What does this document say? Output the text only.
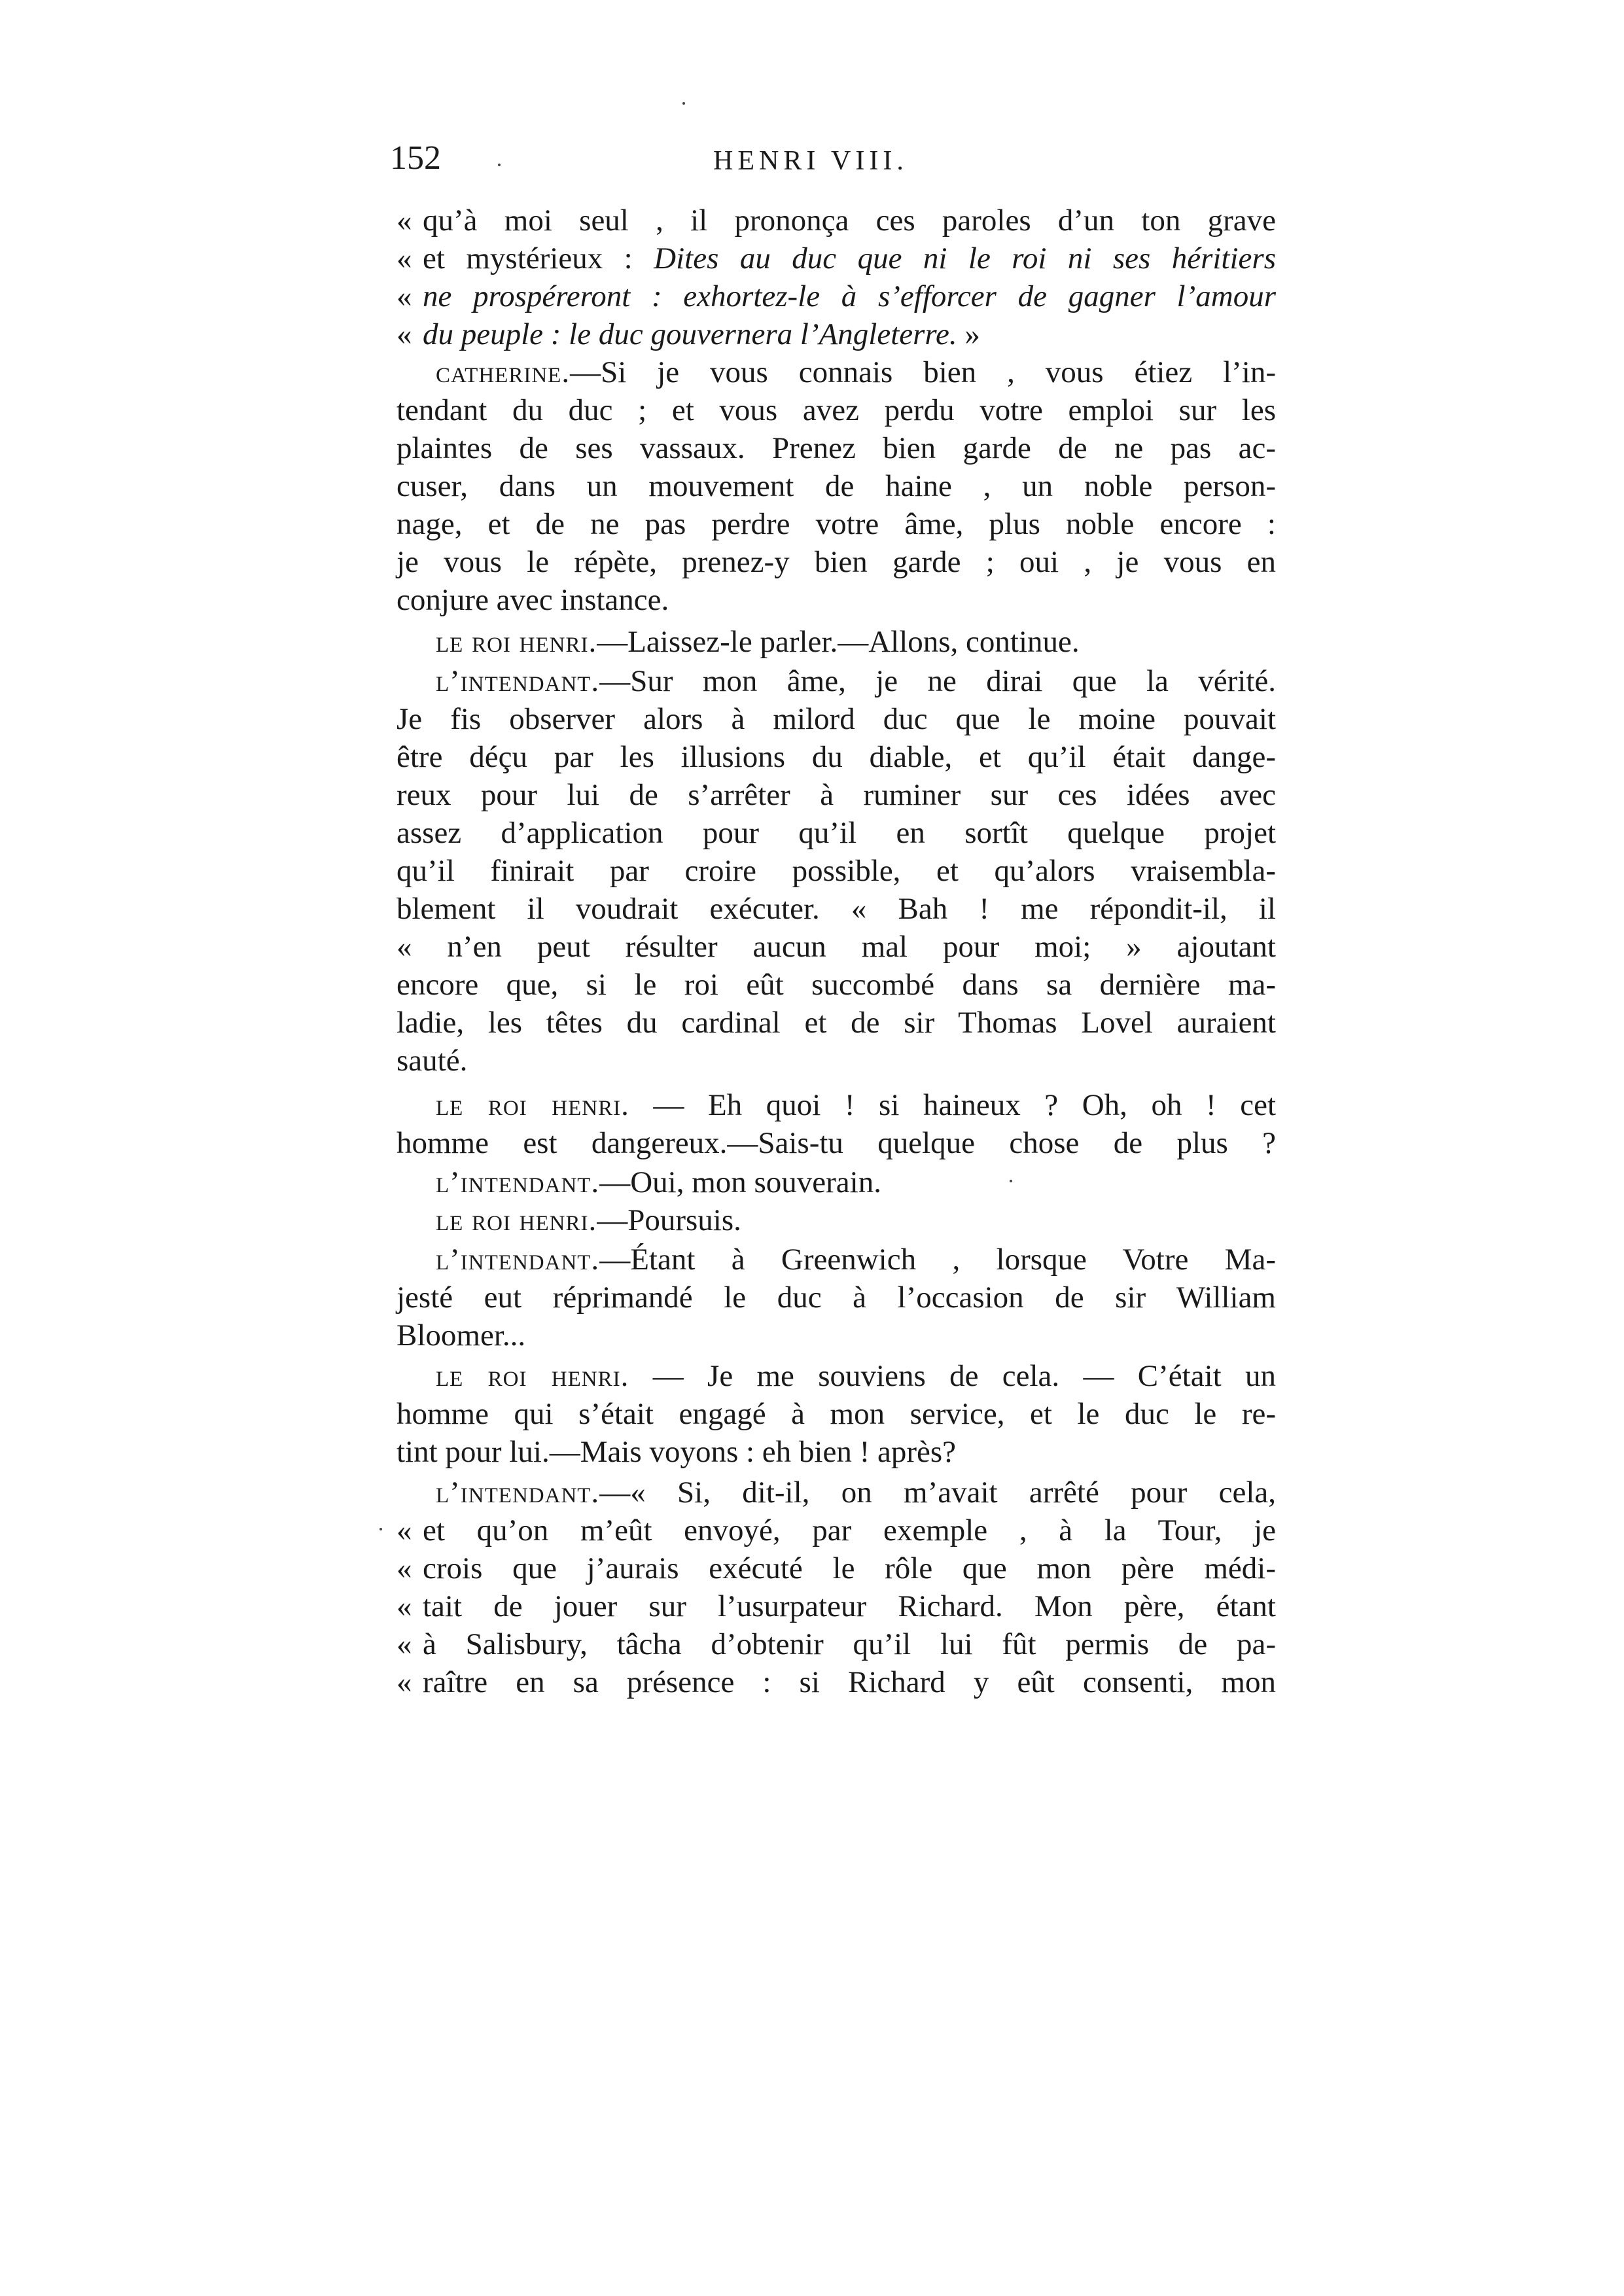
152	HENRI VIII.
« qu’à moi seul , il prononça ces paroles d’un ton grave
« et mystérieux : Dites au duc que ni le roi ni ses héritiers
« ne prospéreront : exhortez-le à s’efforcer de gagner l’amour
« du peuple : le duc gouvernera l’Angleterre. »
catherine.—Si je vous connais bien , vous étiez l’in-
tendant du duc ; et vous avez perdu votre emploi sur les
plaintes de ses vassaux. Prenez bien garde de ne pas ac-
cuser, dans un mouvement de haine , un noble person-
nage, et de ne pas perdre votre âme, plus noble encore :
je vous le répète, prenez-y bien garde ; oui , je vous en
conjure avec instance.
le roi henri.—Laissez-le parler.—Allons, continue.
l’intendant.—Sur mon âme, je ne dirai que la vérité.
Je fis observer alors à milord duc que le moine pouvait
être déçu par les illusions du diable, et qu’il était dange-
reux pour lui de s’arrêter à ruminer sur ces idées avec
assez d’application pour qu’il en sortît quelque projet
qu’il finirait par croire possible, et qu’alors vraisembla-
blement il voudrait exécuter. « Bah ! me répondit-il, il
« n’en peut résulter aucun mal pour moi; » ajoutant
encore que, si le roi eût succombé dans sa dernière ma-
ladie, les têtes du cardinal et de sir Thomas Lovel auraient
sauté.
le roi henri. — Eh quoi ! si haineux ? Oh, oh ! cet
homme est dangereux.—Sais-tu quelque chose de plus ?
l’intendant.—Oui, mon souverain.
le roi henri.—Poursuis.
l’intendant.—Étant à Greenwich , lorsque Votre Ma-
jesté eut réprimandé le duc à l’occasion de sir William
Bloomer...
le roi henri. — Je me souviens de cela. — C’était un
homme qui s’était engagé à mon service, et le duc le re-
tint pour lui.—Mais voyons : eh bien ! après?
l’intendant.—« Si, dit-il, on m’avait arrêté pour cela,
« et qu’on m’eût envoyé, par exemple , à la Tour, je
« crois que j’aurais exécuté le rôle que mon père médi-
« tait de jouer sur l’usurpateur Richard. Mon père, étant
« à Salisbury, tâcha d’obtenir qu’il lui fût permis de pa-
« raître en sa présence : si Richard y eût consenti, mon
